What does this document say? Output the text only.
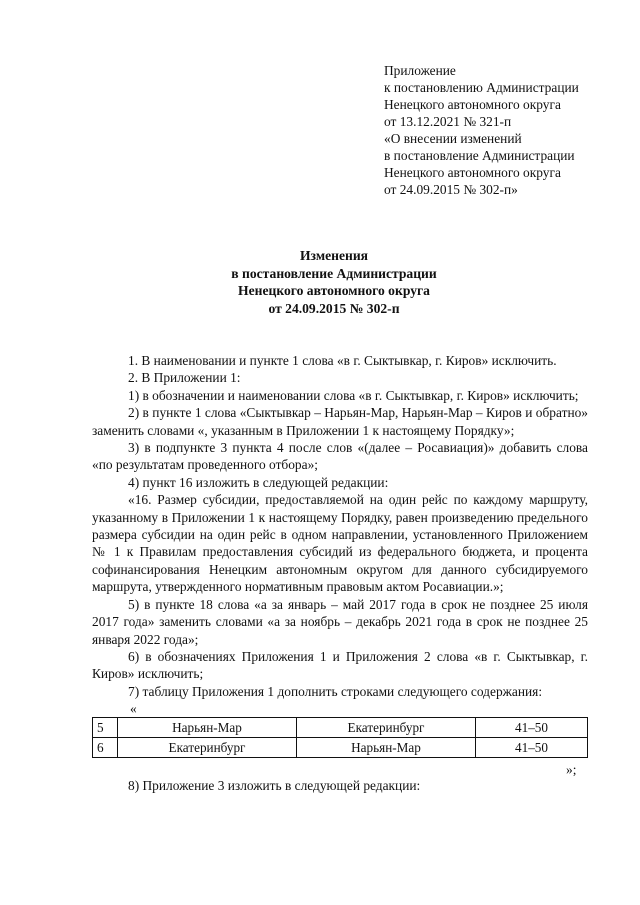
Приложение
к постановлению Администрации
Ненецкого автономного округа
от 13.12.2021 № 321-п
«О внесении изменений
в постановление Администрации
Ненецкого автономного округа
от 24.09.2015 № 302-п»
Изменения
в постановление Администрации
Ненецкого автономного округа
от 24.09.2015 № 302-п

1. В наименовании и пункте 1 слова «в г. Сыктывкар, г. Киров» исключить.

2. В Приложении 1:

1) в обозначении и наименовании слова «в г. Сыктывкар, г. Киров» исключить;

2) в пункте 1 слова «Сыктывкар – Нарьян-Мар, Нарьян-Мар – Киров и обратно» заменить словами «, указанным в Приложении 1 к настоящему Порядку»;

3) в подпункте 3 пункта 4 после слов «(далее – Росавиация)» добавить слова «по результатам проведенного отбора»;

4) пункт 16 изложить в следующей редакции:

«16. Размер субсидии, предоставляемой на один рейс по каждому маршруту, указанному в Приложении 1 к настоящему Порядку, равен произведению предельного размера субсидии на один рейс в одном направлении, установленного Приложением № 1 к Правилам предоставления субсидий из федерального бюджета, и процента софинансирования Ненецким автономным округом для данного субсидируемого маршрута, утвержденного нормативным правовым актом Росавиации.»;

5) в пункте 18 слова «а за январь – май 2017 года в срок не позднее 25 июля 2017 года» заменить словами «а за ноябрь – декабрь 2021 года в срок не позднее 25 января 2022 года»;

6) в обозначениях Приложения 1 и Приложения 2 слова «в г. Сыктывкар, г. Киров» исключить;

7) таблицу Приложения 1 дополнить строками следующего содержания:

«
5	Нарьян-Мар	Екатеринбург	41–50
6	Екатеринбург	Нарьян-Мар	41–50
»;
8) Приложение 3 изложить в следующей редакции:
